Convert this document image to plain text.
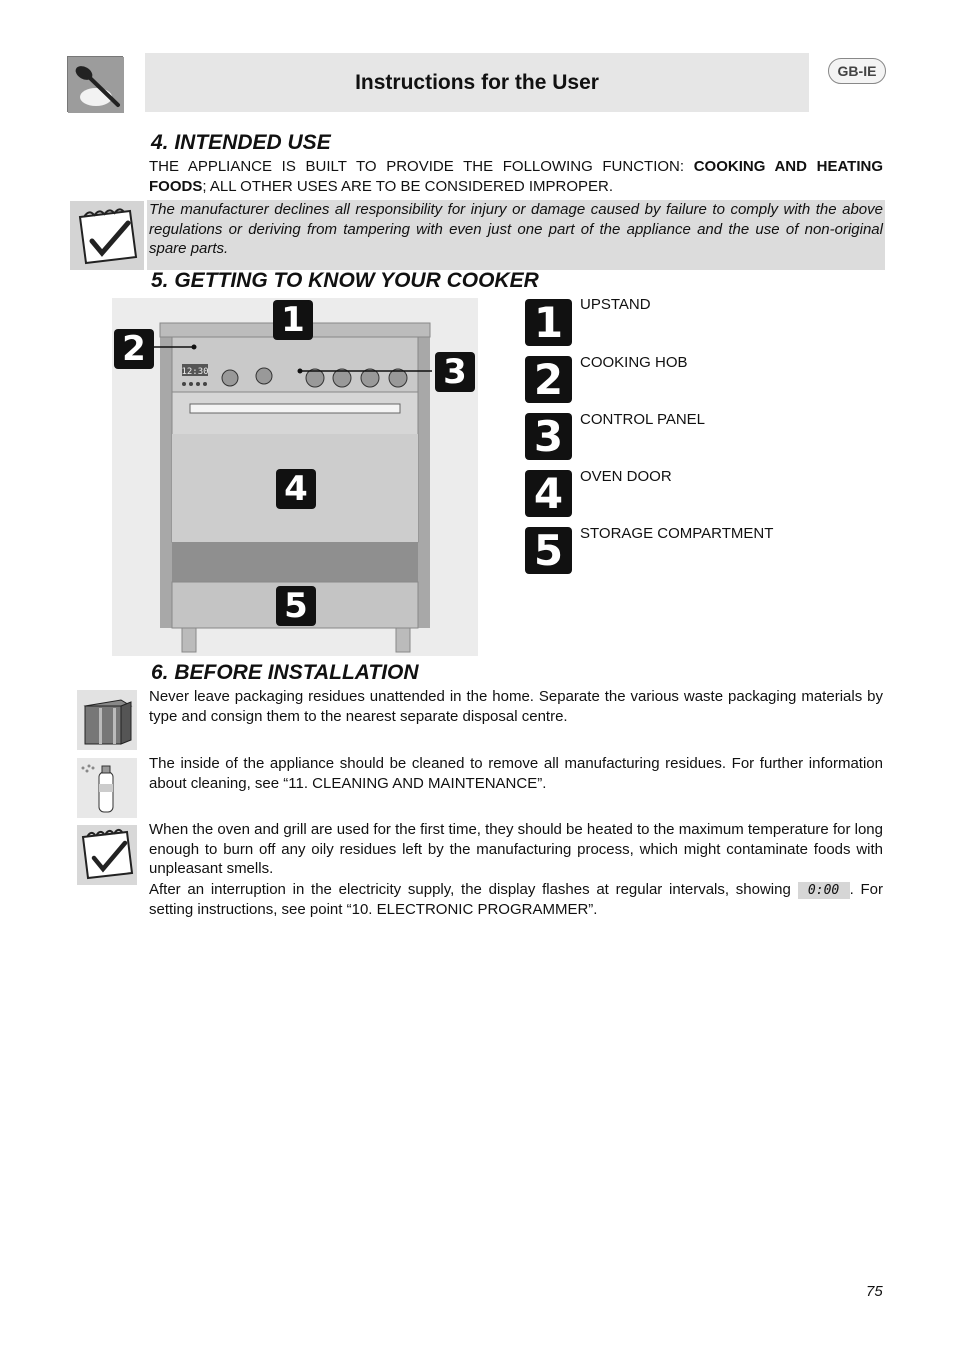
Instructions for the User	GB-IE
4. INTENDED USE
THE APPLIANCE IS BUILT TO PROVIDE THE FOLLOWING FUNCTION: COOKING AND HEATING FOODS; ALL OTHER USES ARE TO BE CONSIDERED IMPROPER.
The manufacturer declines all responsibility for injury or damage caused by failure to comply with the above regulations or deriving from tampering with even just one part of the appliance and the use of non-original spare parts.
5. GETTING TO KNOW YOUR COOKER
12:30
1
2
3
4
5
1	UPSTAND
2	COOKING HOB
3	CONTROL PANEL
4	OVEN DOOR
5	STORAGE COMPARTMENT
6. BEFORE INSTALLATION
Never leave packaging residues unattended in the home. Separate the various waste packaging materials by type and consign them to the nearest separate disposal centre.
The inside of the appliance should be cleaned to remove all manufacturing residues. For further information about cleaning, see “11. CLEANING AND MAINTENANCE”.
When the oven and grill are used for the first time, they should be heated to the maximum temperature for long enough to burn off any oily residues left by the manufacturing process, which might contaminate foods with unpleasant smells.
After an interruption in the electricity supply, the display flashes at regular intervals, showing 0:00 . For setting instructions, see point “10. ELECTRONIC PROGRAMMER”.
75
